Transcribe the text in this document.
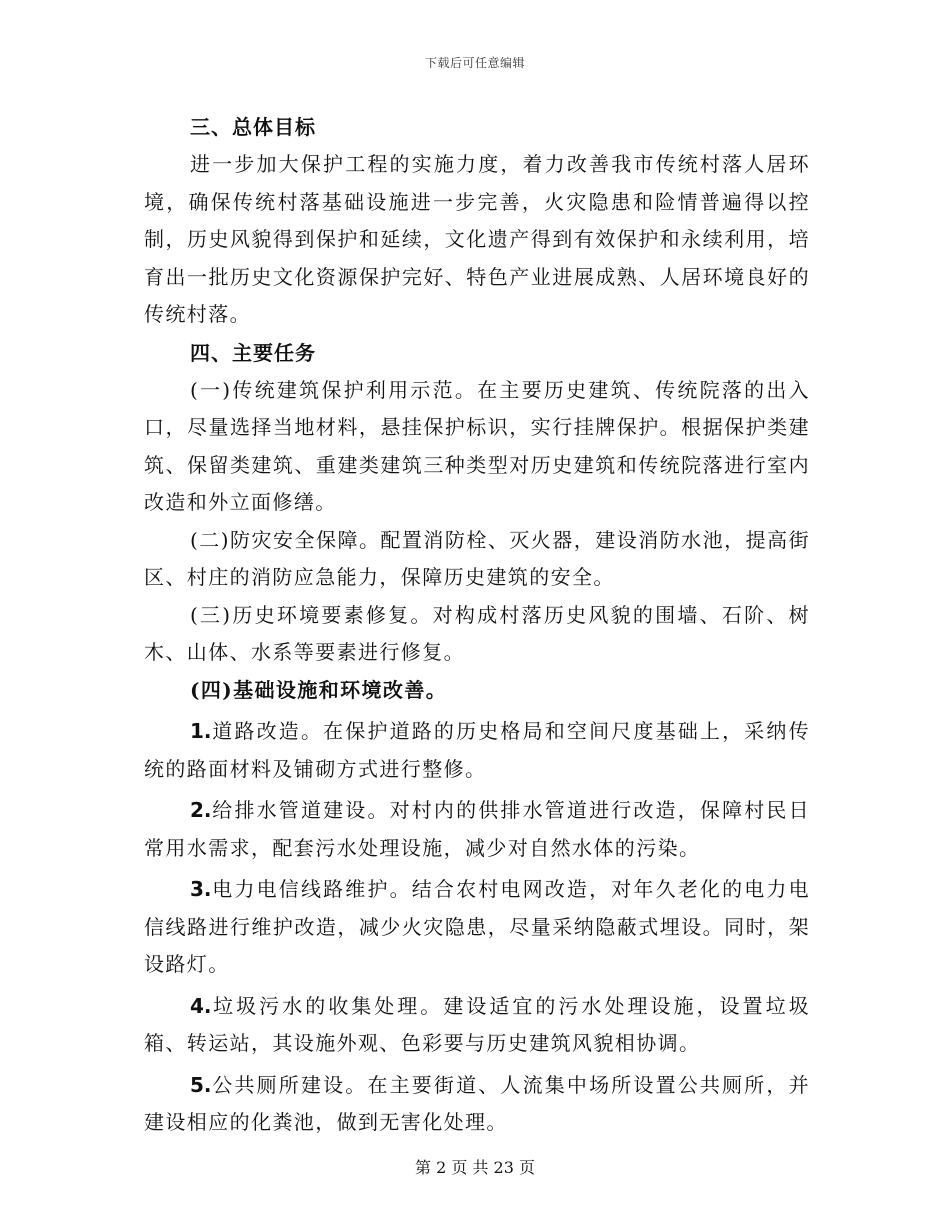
下载后可任意编辑

三、总体目标

进一步加大保护工程的实施力度，着力改善我市传统村落人居环境，确保传统村落基础设施进一步完善，火灾隐患和险情普遍得以控制，历史风貌得到保护和延续，文化遗产得到有效保护和永续利用，培育出一批历史文化资源保护完好、特色产业进展成熟、人居环境良好的传统村落。

四、主要任务

(一)传统建筑保护利用示范。在主要历史建筑、传统院落的出入口，尽量选择当地材料，悬挂保护标识，实行挂牌保护。根据保护类建筑、保留类建筑、重建类建筑三种类型对历史建筑和传统院落进行室内改造和外立面修缮。

(二)防灾安全保障。配置消防栓、灭火器，建设消防水池，提高街区、村庄的消防应急能力，保障历史建筑的安全。

(三)历史环境要素修复。对构成村落历史风貌的围墙、石阶、树木、山体、水系等要素进行修复。

(四)基础设施和环境改善。

1.道路改造。在保护道路的历史格局和空间尺度基础上，采纳传统的路面材料及铺砌方式进行整修。

2.给排水管道建设。对村内的供排水管道进行改造，保障村民日常用水需求，配套污水处理设施，减少对自然水体的污染。

3.电力电信线路维护。结合农村电网改造，对年久老化的电力电信线路进行维护改造，减少火灾隐患，尽量采纳隐蔽式埋设。同时，架设路灯。

4.垃圾污水的收集处理。建设适宜的污水处理设施，设置垃圾箱、转运站，其设施外观、色彩要与历史建筑风貌相协调。

5.公共厕所建设。在主要街道、人流集中场所设置公共厕所，并建设相应的化粪池，做到无害化处理。

第 2 页 共 23 页
